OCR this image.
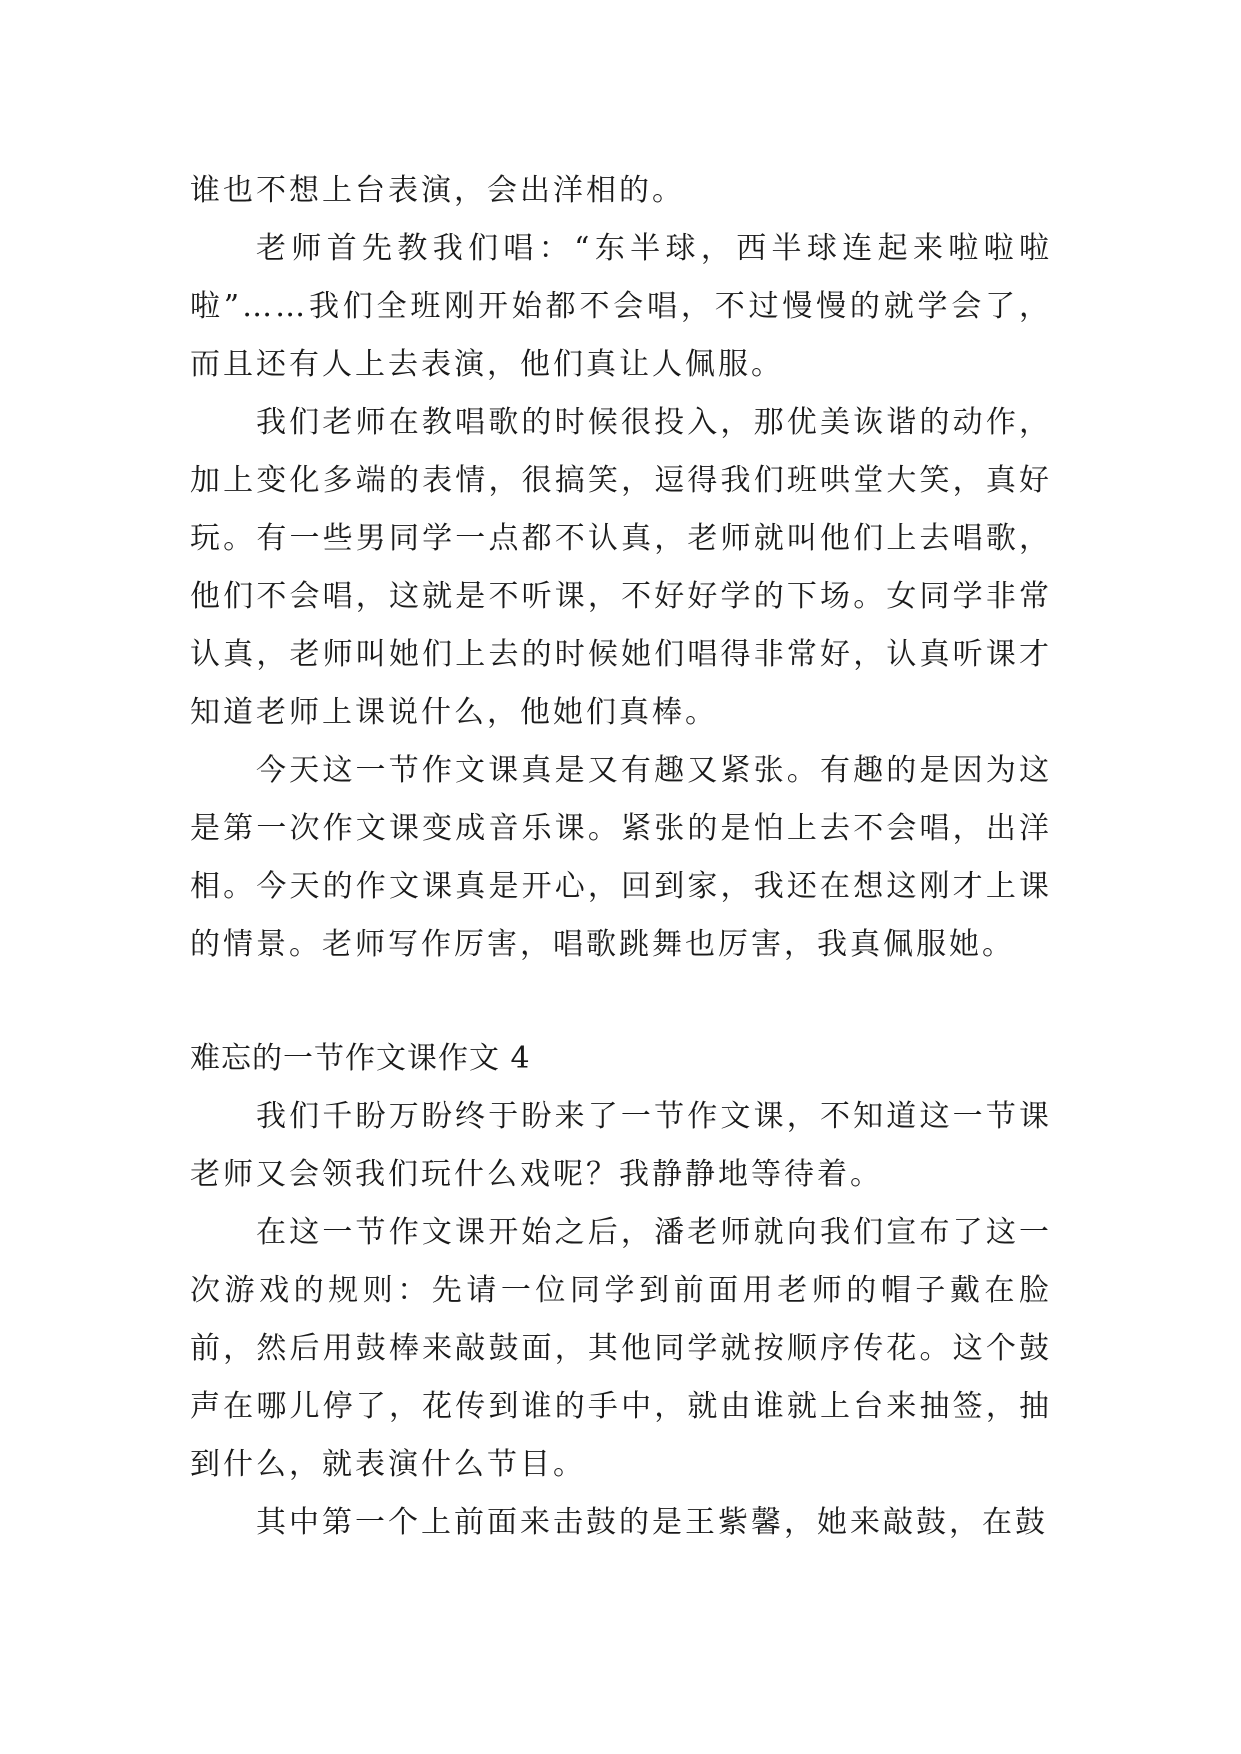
谁也不想上台表演，会出洋相的。

老师首先教我们唱：“东半球，西半球连起来啦啦啦啦”……我们全班刚开始都不会唱，不过慢慢的就学会了，而且还有人上去表演，他们真让人佩服。

我们老师在教唱歌的时候很投入，那优美诙谐的动作，加上变化多端的表情，很搞笑，逗得我们班哄堂大笑，真好玩。有一些男同学一点都不认真，老师就叫他们上去唱歌，他们不会唱，这就是不听课，不好好学的下场。女同学非常认真，老师叫她们上去的时候她们唱得非常好，认真听课才知道老师上课说什么，他她们真棒。

今天这一节作文课真是又有趣又紧张。有趣的是因为这是第一次作文课变成音乐课。紧张的是怕上去不会唱，出洋相。今天的作文课真是开心，回到家，我还在想这刚才上课的情景。老师写作厉害，唱歌跳舞也厉害，我真佩服她。

难忘的一节作文课作文 4

我们千盼万盼终于盼来了一节作文课，不知道这一节课老师又会领我们玩什么戏呢？我静静地等待着。

在这一节作文课开始之后，潘老师就向我们宣布了这一次游戏的规则：先请一位同学到前面用老师的帽子戴在脸前，然后用鼓棒来敲鼓面，其他同学就按顺序传花。这个鼓声在哪儿停了，花传到谁的手中，就由谁就上台来抽签，抽到什么，就表演什么节目。

其中第一个上前面来击鼓的是王紫馨，她来敲鼓，在鼓
